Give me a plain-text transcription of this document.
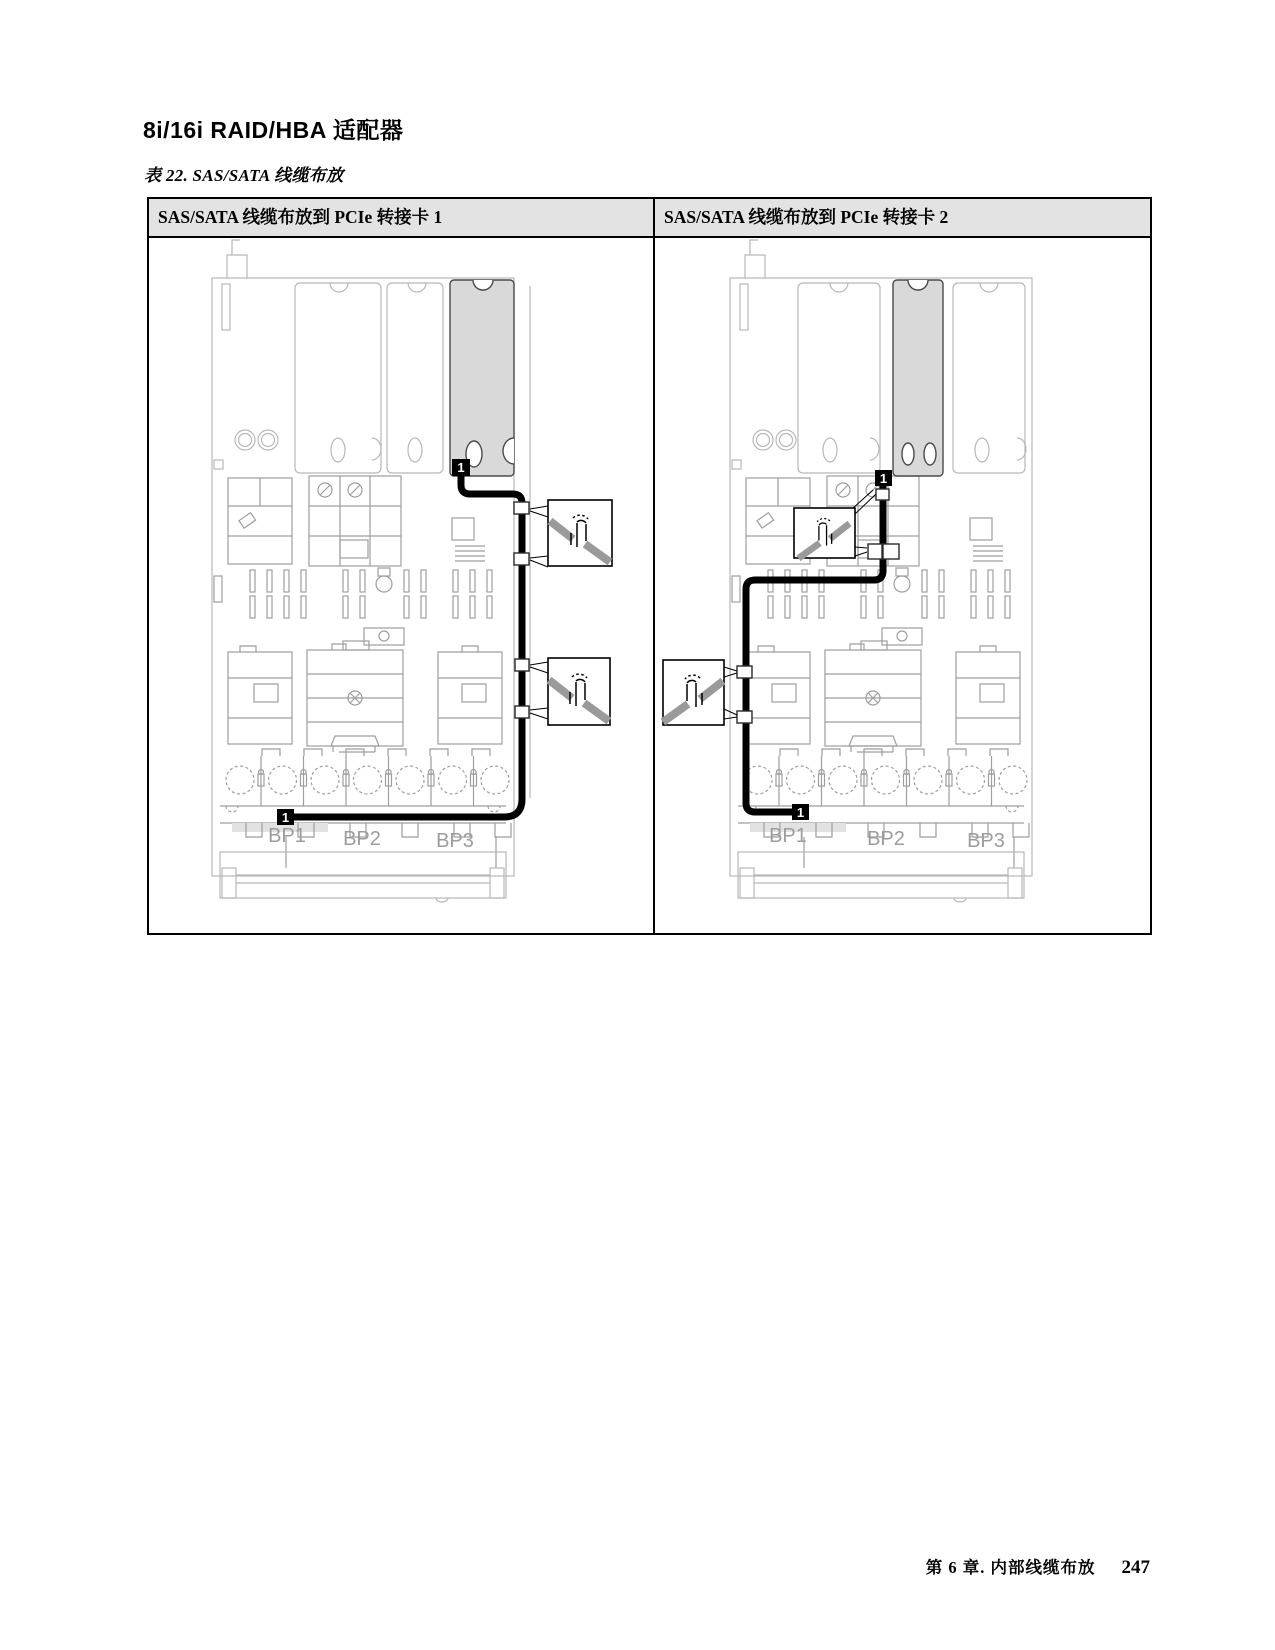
8i/16i RAID/HBA 适配器
表 22. SAS/SATA 线缆布放
SAS/SATA 线缆布放到 PCIe 转接卡 1	SAS/SATA 线缆布放到 PCIe 转接卡 2

1
1
BP1 BP2 BP3	1
1
BP1 BP2 BP3
第 6 章. 内部线缆布放 247
